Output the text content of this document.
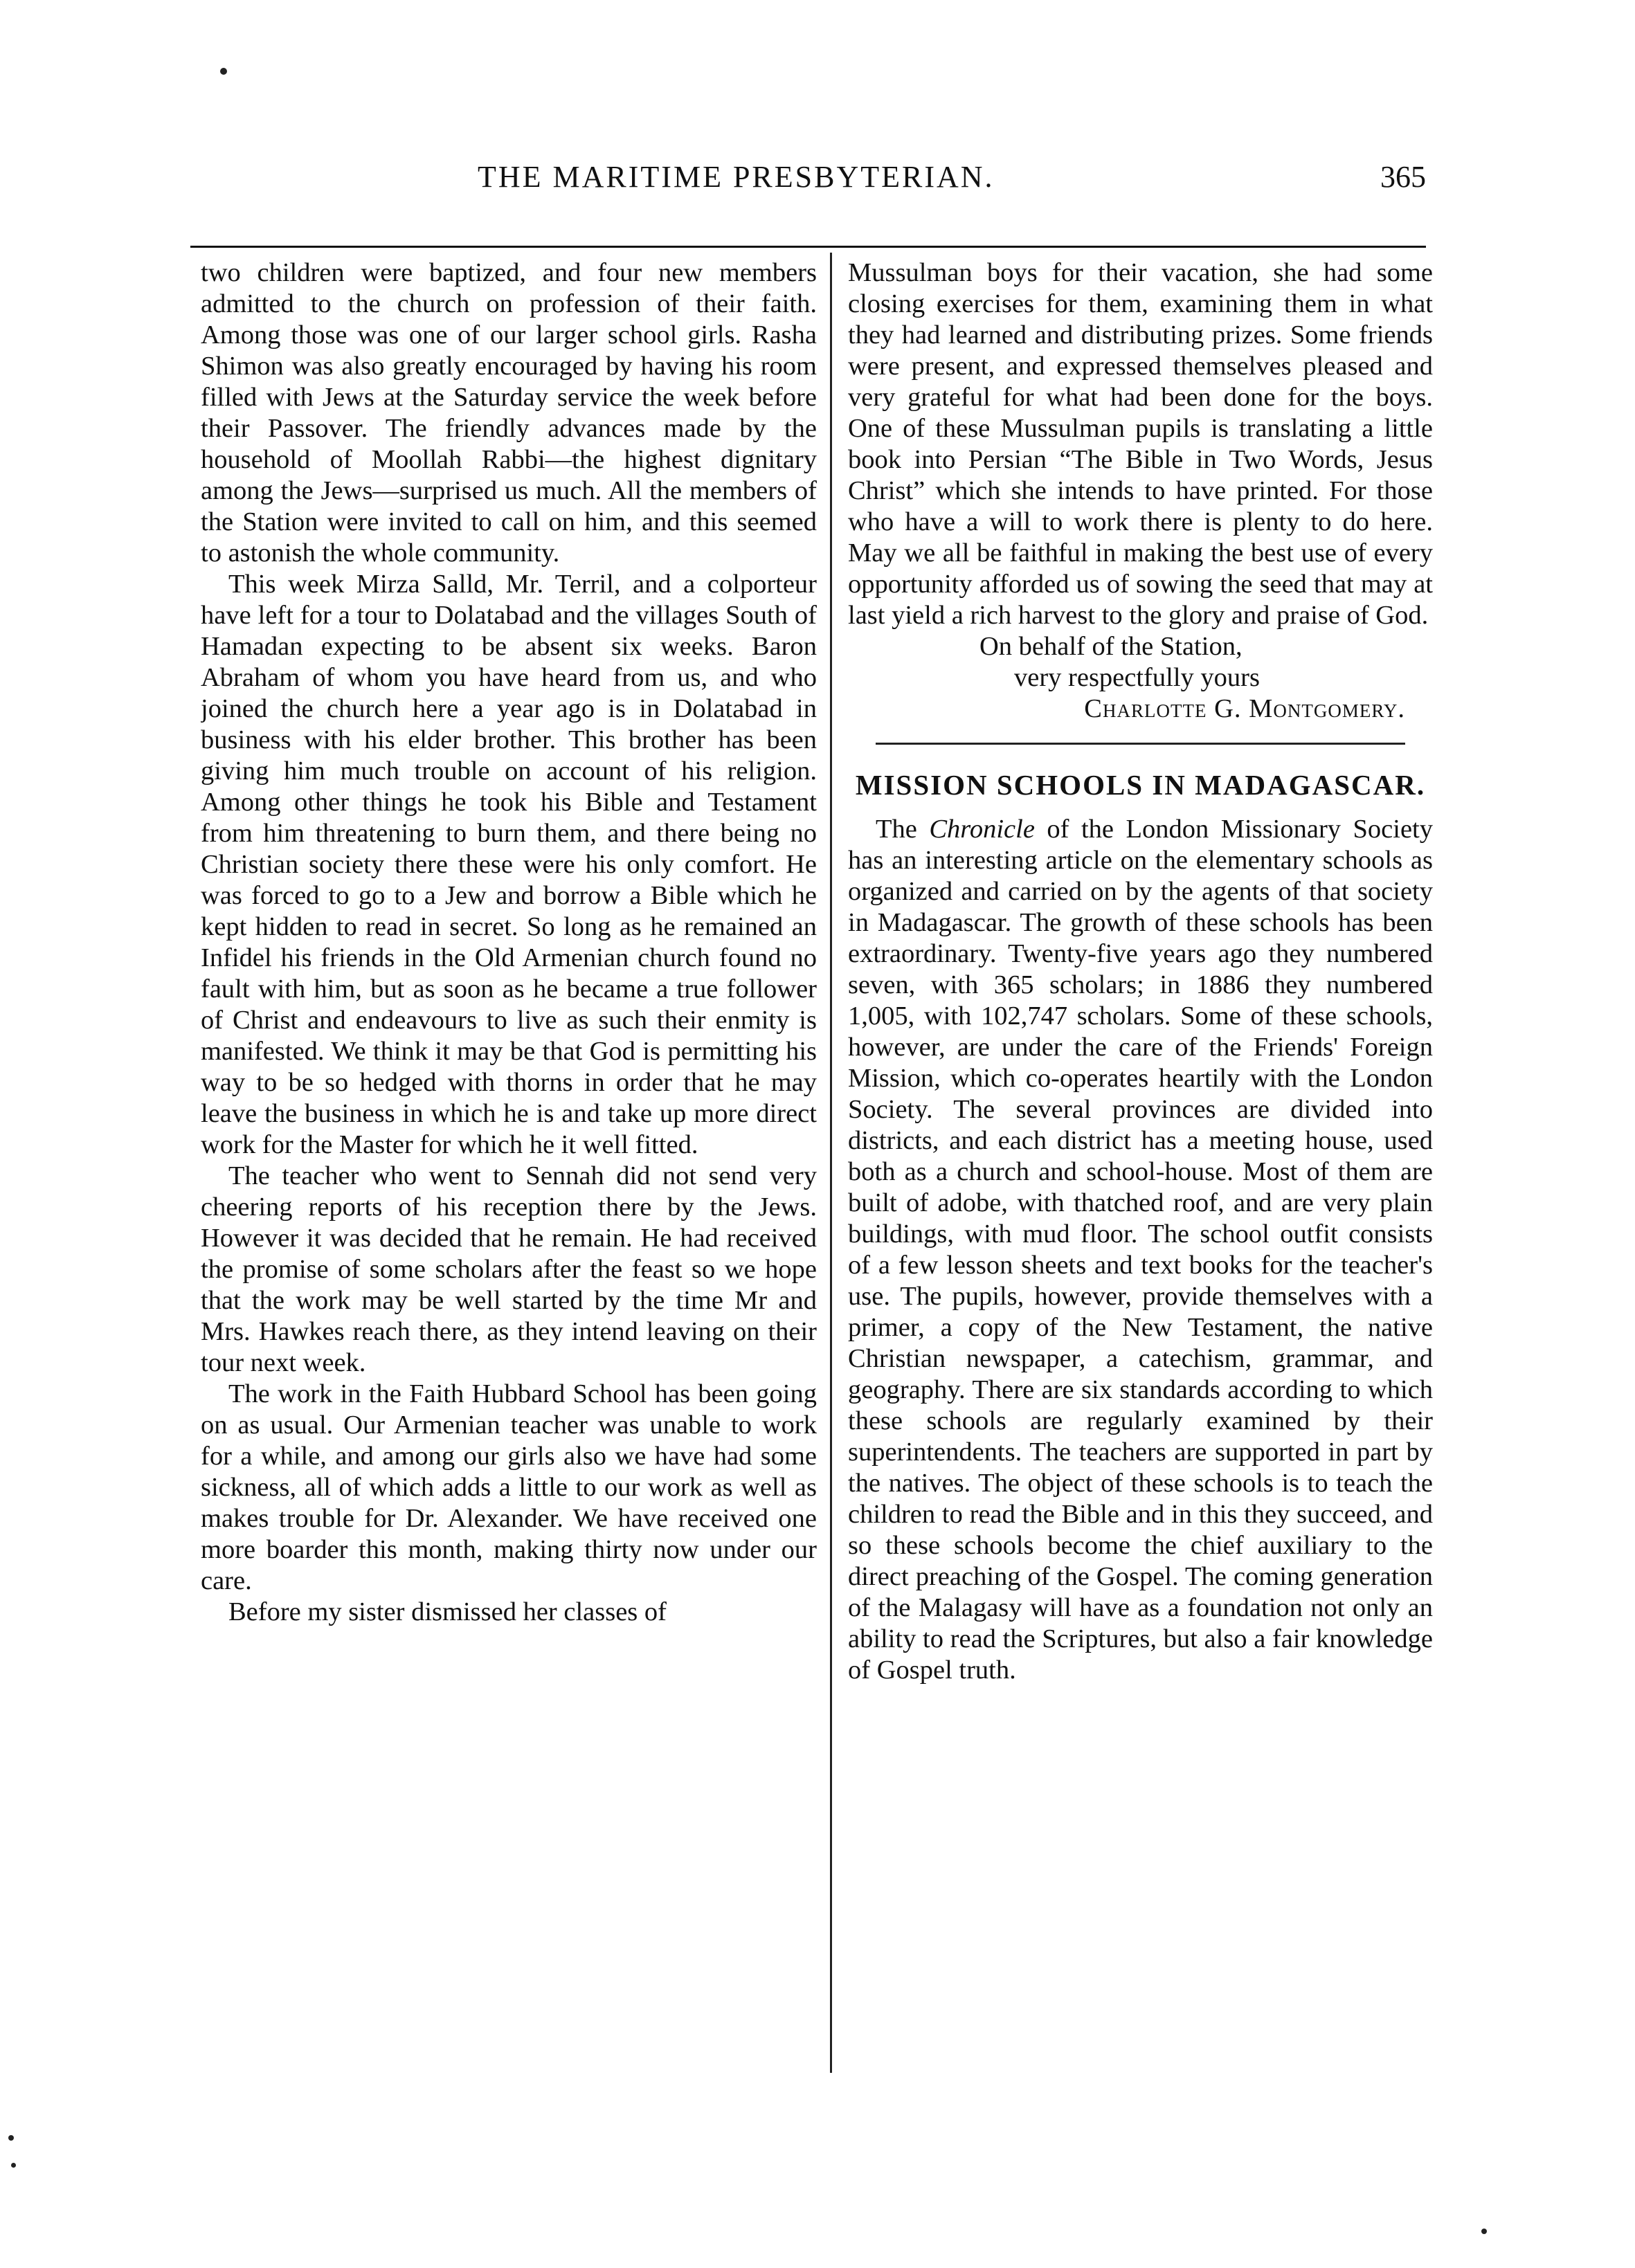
THE MARITIME PRESBYTERIAN.	365

two children were baptized, and four new members admitted to the church on profession of their faith. Among those was one of our larger school girls. Rasha Shimon was also greatly encouraged by having his room filled with Jews at the Saturday service the week before their Passover. The friendly advances made by the household of Moollah Rabbi—the highest dignitary among the Jews—surprised us much. All the members of the Station were invited to call on him, and this seemed to astonish the whole community.

This week Mirza Salld, Mr. Terril, and a colporteur have left for a tour to Dolatabad and the villages South of Hamadan expecting to be absent six weeks. Baron Abraham of whom you have heard from us, and who joined the church here a year ago is in Dolatabad in business with his elder brother. This brother has been giving him much trouble on account of his religion. Among other things he took his Bible and Testament from him threatening to burn them, and there being no Christian society there these were his only comfort. He was forced to go to a Jew and borrow a Bible which he kept hidden to read in secret. So long as he remained an Infidel his friends in the Old Armenian church found no fault with him, but as soon as he became a true follower of Christ and endeavours to live as such their enmity is manifested. We think it may be that God is permitting his way to be so hedged with thorns in order that he may leave the business in which he is and take up more direct work for the Master for which he it well fitted.

The teacher who went to Sennah did not send very cheering reports of his reception there by the Jews. However it was decided that he remain. He had received the promise of some scholars after the feast so we hope that the work may be well started by the time Mr and Mrs. Hawkes reach there, as they intend leaving on their tour next week.

The work in the Faith Hubbard School has been going on as usual. Our Armenian teacher was unable to work for a while, and among our girls also we have had some sickness, all of which adds a little to our work as well as makes trouble for Dr. Alexander. We have received one more boarder this month, making thirty now under our care.

Before my sister dismissed her classes of

Mussulman boys for their vacation, she had some closing exercises for them, examining them in what they had learned and distributing prizes. Some friends were present, and expressed themselves pleased and very grateful for what had been done for the boys. One of these Mussulman pupils is translating a little book into Persian “The Bible in Two Words, Jesus Christ” which she intends to have printed. For those who have a will to work there is plenty to do here. May we all be faithful in making the best use of every opportunity afforded us of sowing the seed that may at last yield a rich harvest to the glory and praise of God.

On behalf of the Station,

very respectfully yours

Charlotte G. Montgomery.

MISSION SCHOOLS IN MADAGASCAR.

The Chronicle of the London Missionary Society has an interesting article on the elementary schools as organized and carried on by the agents of that society in Madagascar. The growth of these schools has been extraordinary. Twenty-five years ago they numbered seven, with 365 scholars; in 1886 they numbered 1,005, with 102,747 scholars. Some of these schools, however, are under the care of the Friends' Foreign Mission, which co-operates heartily with the London Society. The several provinces are divided into districts, and each district has a meeting house, used both as a church and school-house. Most of them are built of adobe, with thatched roof, and are very plain buildings, with mud floor. The school outfit consists of a few lesson sheets and text books for the teacher's use. The pupils, however, provide themselves with a primer, a copy of the New Testament, the native Christian newspaper, a catechism, grammar, and geography. There are six standards according to which these schools are regularly examined by their superintendents. The teachers are supported in part by the natives. The object of these schools is to teach the children to read the Bible and in this they succeed, and so these schools become the chief auxiliary to the direct preaching of the Gospel. The coming generation of the Malagasy will have as a foundation not only an ability to read the Scriptures, but also a fair knowledge of Gospel truth.
